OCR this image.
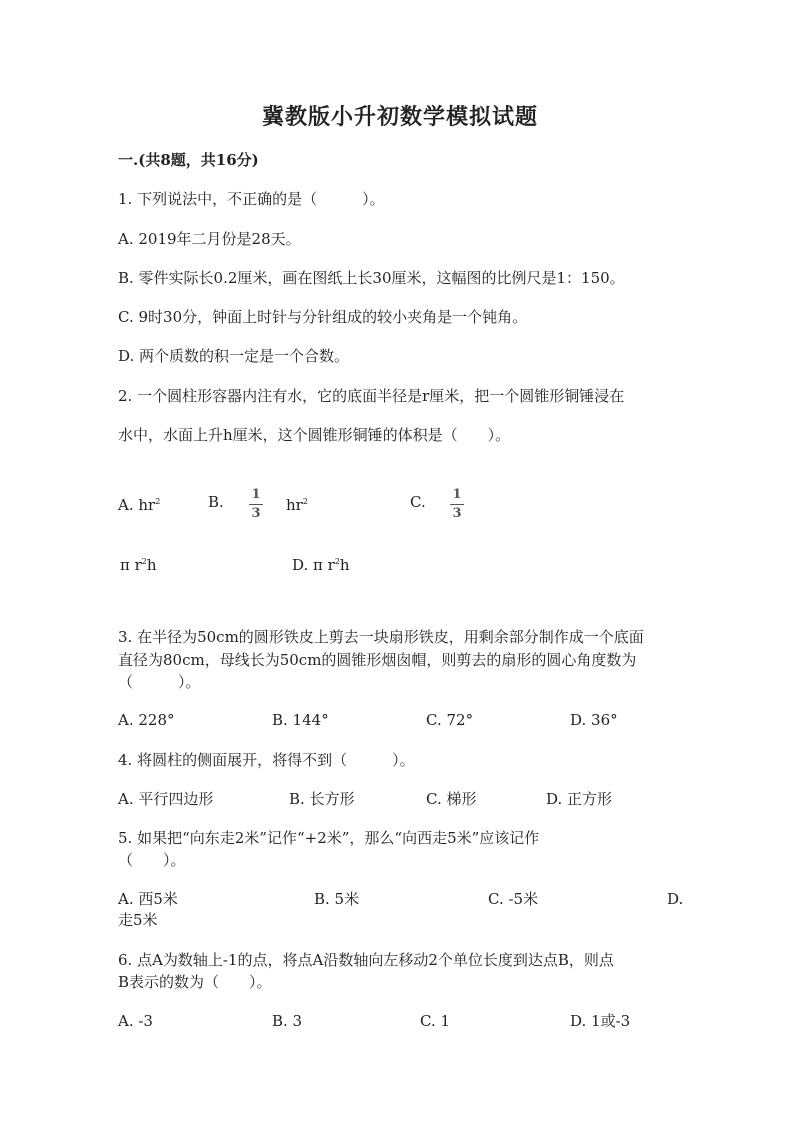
冀教版小升初数学模拟试题
一.(共8题，共16分)
1. 下列说法中，不正确的是（　　　）。
A. 2019年二月份是28天。
B. 零件实际长0.2厘米，画在图纸上长30厘米，这幅图的比例尺是1：150。
C. 9时30分，钟面上时针与分针组成的较小夹角是一个钝角。
D. 两个质数的积一定是一个合数。
2. 一个圆柱形容器内注有水，它的底面半径是r厘米，把一个圆锥形铜锤浸在
水中，水面上升h厘米，这个圆锥形铜锤的体积是（　　）。
A. $hr^2$	B. 1
3 $hr^2$	C. 1
3
π $r^2h$	D. π $r^2h$
3. 在半径为50cm的圆形铁皮上剪去一块扇形铁皮，用剩余部分制作成一个底面
直径为80cm，母线长为50cm的圆锥形烟囱帽，则剪去的扇形的圆心角度数为
（　　　）。
A. 228°	B. 144°	C. 72°	D. 36°
4. 将圆柱的侧面展开，将得不到（　　　）。
A. 平行四边形	B. 长方形	C. 梯形	D. 正方形
5. 如果把“向东走2米”记作“+2米”，那么“向西走5米”应该记作
（　　）。
A. 西5米	B. 5米	C. -5米	D.
走5米
6. 点A为数轴上-1的点，将点A沿数轴向左移动2个单位长度到达点B，则点
B表示的数为（　　）。
A. -3	B. 3	C. 1	D. 1或-3
